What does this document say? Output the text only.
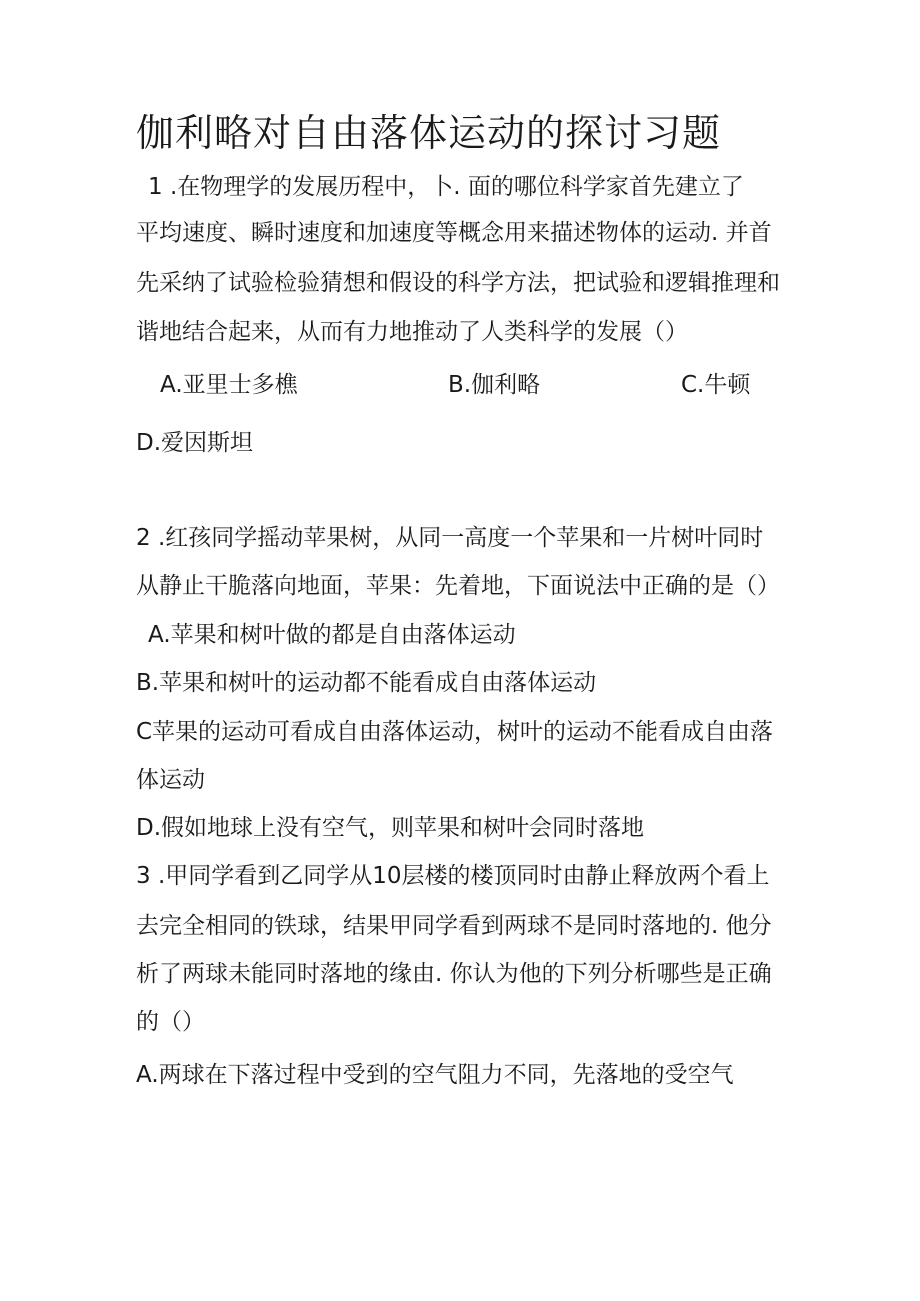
伽利略对自由落体运动的探讨习题
1 .在物理学的发展历程中，卜. 面的哪位科学家首先建立了
平均速度、瞬时速度和加速度等概念用来描述物体的运动. 并首
先采纳了试验检验猜想和假设的科学方法，把试验和逻辑推理和
谐地结合起来，从而有力地推动了人类科学的发展（）
A.亚里士多樵	B.伽利略	C.牛顿
D.爱因斯坦
2 .红孩同学摇动苹果树，从同一高度一个苹果和一片树叶同时
从静止干脆落向地面，苹果：先着地，下面说法中正确的是（）
A.苹果和树叶做的都是自由落体运动
B.苹果和树叶的运动都不能看成自由落体运动
C苹果的运动可看成自由落体运动，树叶的运动不能看成自由落
体运动
D.假如地球上没有空气，则苹果和树叶会同时落地
3 .甲同学看到乙同学从10层楼的楼顶同时由静止释放两个看上
去完全相同的铁球，结果甲同学看到两球不是同时落地的. 他分
析了两球未能同时落地的缘由. 你认为他的下列分析哪些是正确
的（）
A.两球在下落过程中受到的空气阻力不同，先落地的受空气
